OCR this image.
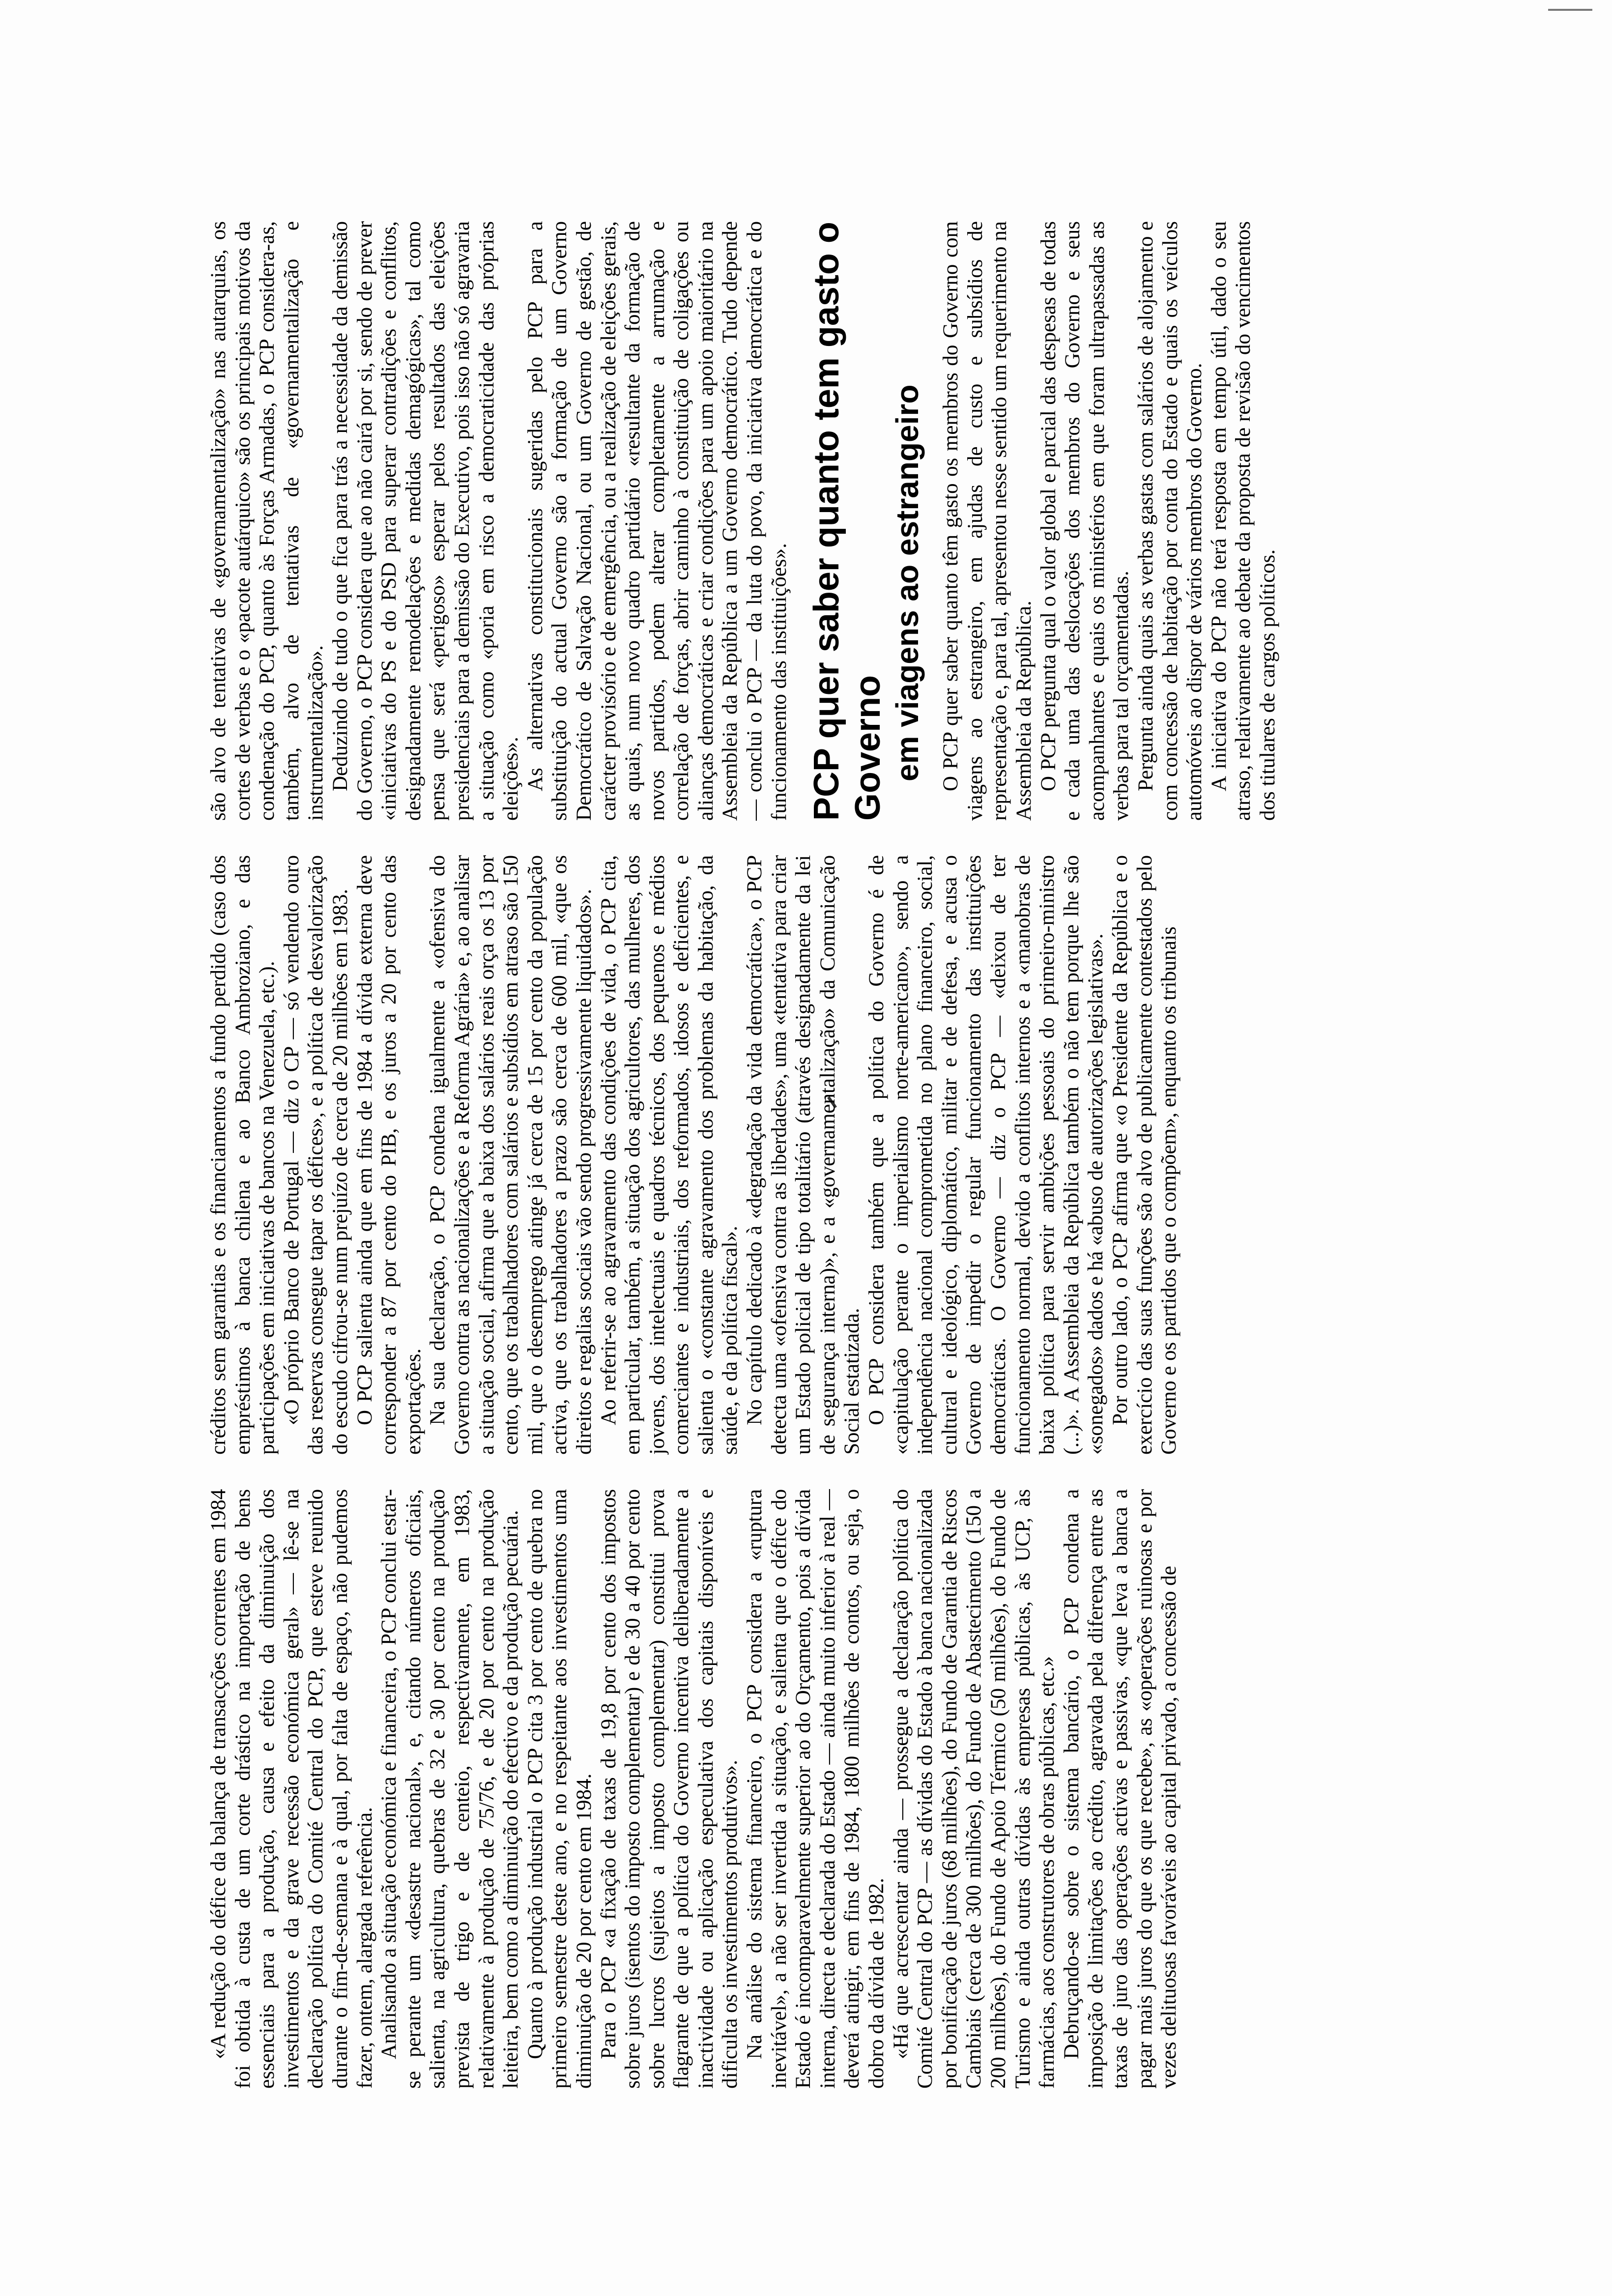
«A redução do défice da balança de transacções correntes em 1984 foi obtida à custa de um corte drástico na importação de bens essenciais para a produção, causa e efeito da diminuição dos investimentos e da grave recessão económica geral» — lê-se na declaração política do Comité Central do PCP, que esteve reunido durante o fim-de-semana e à qual, por falta de espaço, não pudemos fazer, ontem, alargada referência. Analisando a situação económica e financeira, o PCP conclui estar-se perante um «desastre nacional», e, citando números oficiais, salienta, na agricultura, quebras de 32 e 30 por cento na produção prevista de trigo e de centeio, respectivamente, em 1983, relativamente à produção de 75/76, e de 20 por cento na produção leiteira, bem como a diminuição do efectivo e da produção pecuária. Quanto à produção industrial o PCP cita 3 por cento de quebra no primeiro semestre deste ano, e no respeitante aos investimentos uma diminuição de 20 por cento em 1984. Para o PCP «a fixação de taxas de 19,8 por cento dos impostos sobre juros (isentos do imposto complementar) e de 30 a 40 por cento sobre lucros (sujeitos a imposto complementar) constitui prova flagrante de que a política do Governo incentiva deliberadamente a inactividade ou aplicação especulativa dos capitais disponíveis e dificulta os investimentos produtivos». Na análise do sistema financeiro, o PCP considera a «ruptura inevitável», a não ser invertida a situação, e salienta que o défice do Estado é incomparavelmente superior ao do Orçamento, pois a dívida interna, directa e declarada do Estado — ainda muito inferior à real — deverá atingir, em fins de 1984, 1800 milhões de contos, ou seja, o dobro da dívida de 1982. «Há que acrescentar ainda — prossegue a declaração política do Comité Central do PCP — as dívidas do Estado à banca nacionalizada por bonificação de juros (68 milhões), do Fundo de Garantia de Riscos Cambiais (cerca de 300 milhões), do Fundo de Abastecimento (150 a 200 milhões), do Fundo de Apoio Térmico (50 milhões), do Fundo de Turismo e ainda outras dívidas às empresas públicas, às UCP, às farmácias, aos construtores de obras públicas, etc.» Debruçando-se sobre o sistema bancário, o PCP condena a imposição de limitações ao crédito, agravada pela diferença entre as taxas de juro das operações activas e passivas, «que leva a banca a pagar mais juros do que os que recebe», as «operações ruinosas e por vezes delituosas favoráveis ao capital privado, a concessão de

créditos sem garantias e os financiamentos a fundo perdido (caso dos empréstimos à banca chilena e ao Banco Ambroziano, e das participações em iniciativas de bancos na Venezuela, etc.). «O próprio Banco de Portugal — diz o CP — só vendendo ouro das reservas consegue tapar os défices», e a política de desvalorização do escudo cifrou-se num prejuízo de cerca de 20 milhões em 1983. O PCP salienta ainda que em fins de 1984 a dívida externa deve corresponder a 87 por cento do PIB, e os juros a 20 por cento das exportações. Na sua declaração, o PCP condena igualmente a «ofensiva do Governo contra as nacionalizações e a Reforma Agrária» e, ao analisar a situação social, afirma que a baixa dos salários reais orça os 13 por cento, que os trabalhadores com salários e subsídios em atraso são 150 mil, que o desemprego atinge já cerca de 15 por cento da população activa, que os trabalhadores a prazo são cerca de 600 mil, «que os direitos e regalias sociais vão sendo progressivamente liquidados». Ao referir-se ao agravamento das condições de vida, o PCP cita, em particular, também, a situação dos agricultores, das mulheres, dos jovens, dos intelectuais e quadros técnicos, dos pequenos e médios comerciantes e industriais, dos reformados, idosos e deficientes, e salienta o «constante agravamento dos problemas da habitação, da saúde, e da política fiscal». No capítulo dedicado à «degradação da vida democrática», o PCP detecta uma «ofensiva contra as liberdades», uma «tentativa para criar um Estado policial de tipo totalitário (através designadamente da lei de segurança interna)», e a «governamentalização» da Comunicação Social estatizada. O PCP considera também que a política do Governo é de «capitulação perante o imperialismo norte-americano», sendo a independência nacional comprometida no plano financeiro, social, cultural e ideológico, diplomático, militar e de defesa, e acusa o Governo de impedir o regular funcionamento das instituições democráticas. O Governo — diz o PCP — «deixou de ter funcionamento normal, devido a conflitos internos e a «manobras de baixa política para servir ambições pessoais do primeiro-ministro (...)». A Assembleia da República também o não tem porque lhe são «sonegados» dados e há «abuso de autorizações legislativas». Por outro lado, o PCP afirma que «o Presidente da República e o exercício das suas funções são alvo de publicamente contestados pelo Governo e os partidos que o compõem», enquanto os tribunais

são alvo de tentativas de «governamentalização» nas autarquias, os cortes de verbas e o «pacote autárquico» são os principais motivos da condenação do PCP, quanto às Forças Armadas, o PCP considera-as, também, alvo de tentativas de «governamentalização e instrumentalização». Deduzindo de tudo o que fica para trás a necessidade da demissão do Governo, o PCP considera que ao não cairá por si, sendo de prever «iniciativas do PS e do PSD para superar contradições e conflitos, designadamente remodelações e medidas demagógicas», tal como pensa que será «perigoso» esperar pelos resultados das eleições presidenciais para a demissão do Executivo, pois isso não só agravaria a situação como «poria em risco a democraticidade das próprias eleições». As alternativas constitucionais sugeridas pelo PCP para a substituição do actual Governo são a formação de um Governo Democrático de Salvação Nacional, ou um Governo de gestão, de carácter provisório e de emergência, ou a realização de eleições gerais, as quais, num novo quadro partidário «resultante da formação de novos partidos, podem alterar completamente a arrumação e correlação de forças, abrir caminho à constituição de coligações ou alianças democráticas e criar condições para um apoio maioritário na Assembleia da República a um Governo democrático. Tudo depende — conclui o PCP — da luta do povo, da iniciativa democrática e do funcionamento das instituições». PCP quer saber quanto tem gasto o Governo em viagens ao estrangeiro O PCP quer saber quanto têm gasto os membros do Governo com viagens ao estrangeiro, em ajudas de custo e subsídios de representação e, para tal, apresentou nesse sentido um requerimento na Assembleia da República. O PCP pergunta qual o valor global e parcial das despesas de todas e cada uma das deslocações dos membros do Governo e seus acompanhantes e quais os ministérios em que foram ultrapassadas as verbas para tal orçamentadas. Pergunta ainda quais as verbas gastas com salários de alojamento e com concessão de habitação por conta do Estado e quais os veículos automóveis ao dispor de vários membros do Governo. A iniciativa do PCP não terá resposta em tempo útil, dado o seu atraso, relativamente ao debate da proposta de revisão do vencimentos dos titulares de cargos políticos.
